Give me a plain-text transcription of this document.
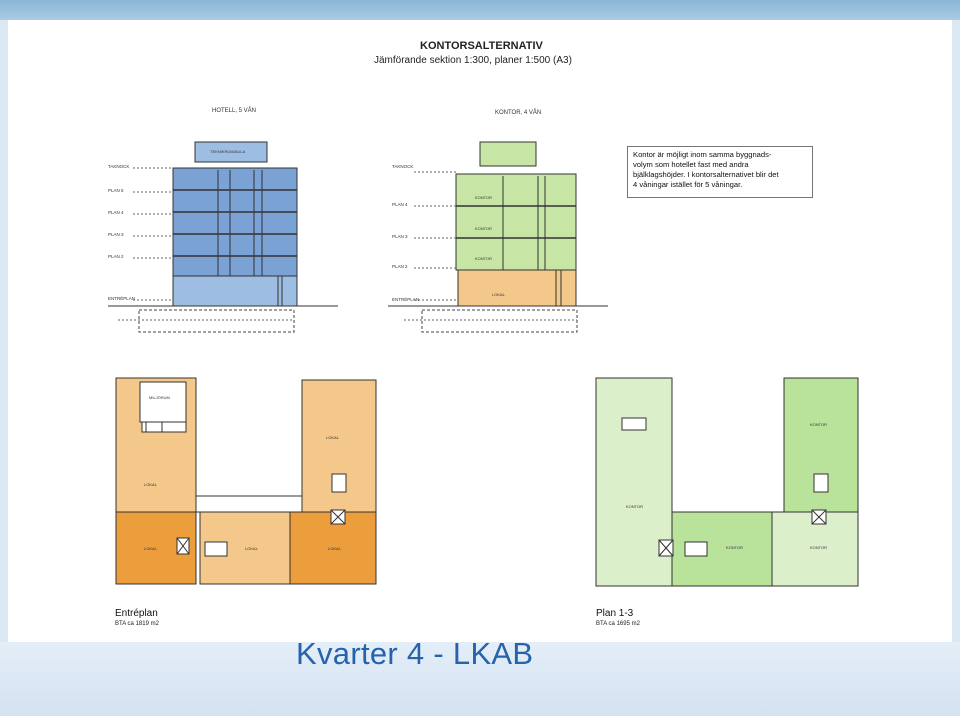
KONTORSALTERNATIV
Jämförande sektion 1:300, planer 1:500 (A3)
HOTELL, 5 VÅN	KONTOR, 4 VÅN
TAKNOCK
PLAN 5
PLAN 4
PLAN 3
PLAN 2
ENTRÉPLAN
TEKNIKRUM/AULA
TAKNOCK
PLAN 4
PLAN 3
PLAN 2
ENTRÉPLAN
KONTOR
KONTOR
KONTOR
LOKAL
Kontor är möjligt inom samma byggnads-
volym som hotellet fast med andra
bjälklagshöjder. I kontorsalternativet blir det
4 våningar istället för 5 våningar.
MILJÖRUM
LOKAL
LOKAL	LOKAL	LOKAL
LOKAL
KONTOR
KONTOR	KONTOR
KONTOR
Entréplan
BTA ca 1819 m2
Plan 1-3
BTA ca 1695 m2
Kvarter 4 - LKAB
